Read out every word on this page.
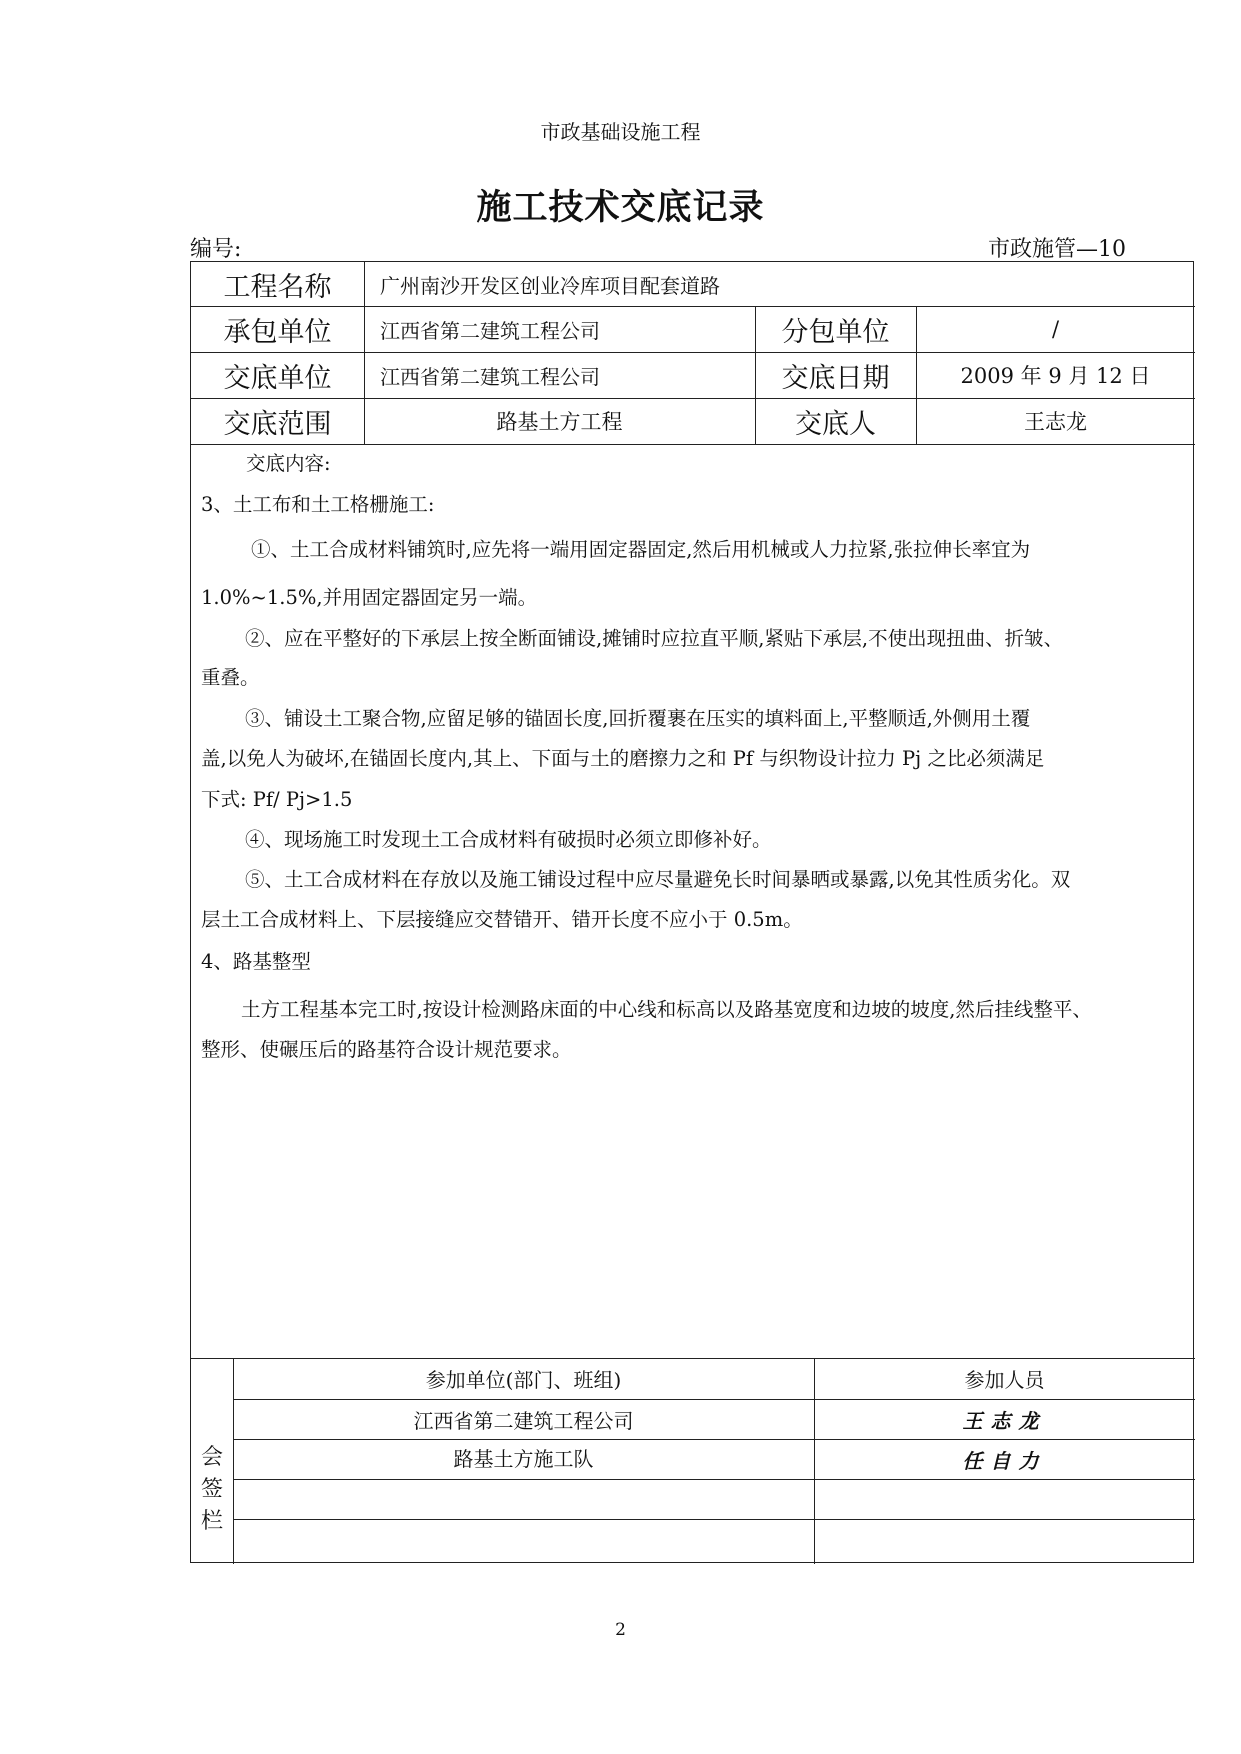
市政基础设施工程
施工技术交底记录
编号:	市政施管—10
工程名称	广州南沙开发区创业冷库项目配套道路
承包单位	江西省第二建筑工程公司	分包单位	/
交底单位	江西省第二建筑工程公司	交底日期	2009 年 9 月 12 日
交底范围	路基土方工程	交底人	王志龙

交底内容:

3、土工布和土工格栅施工:

①、土工合成材料铺筑时,应先将一端用固定器固定,然后用机械或人力拉紧,张拉伸长率宜为

1.0%~1.5%,并用固定器固定另一端。

②、应在平整好的下承层上按全断面铺设,摊铺时应拉直平顺,紧贴下承层,不使出现扭曲、折皱、

重叠。

③、铺设土工聚合物,应留足够的锚固长度,回折覆裹在压实的填料面上,平整顺适,外侧用土覆

盖,以免人为破坏,在锚固长度内,其上、下面与土的磨擦力之和 Pf 与织物设计拉力 Pj 之比必须满足

下式: Pf/ Pj>1.5

④、现场施工时发现土工合成材料有破损时必须立即修补好。

⑤、土工合成材料在存放以及施工铺设过程中应尽量避免长时间暴晒或暴露,以免其性质劣化。双

层土工合成材料上、下层接缝应交替错开、错开长度不应小于 0.5m。

4、路基整型

土方工程基本完工时,按设计检测路床面的中心线和标高以及路基宽度和边坡的坡度,然后挂线整平、

整形、使碾压后的路基符合设计规范要求。

会
签
栏
参加单位(部门、班组)	参加人员
江西省第二建筑工程公司	王志龙
路基土方施工队	任自力
2
